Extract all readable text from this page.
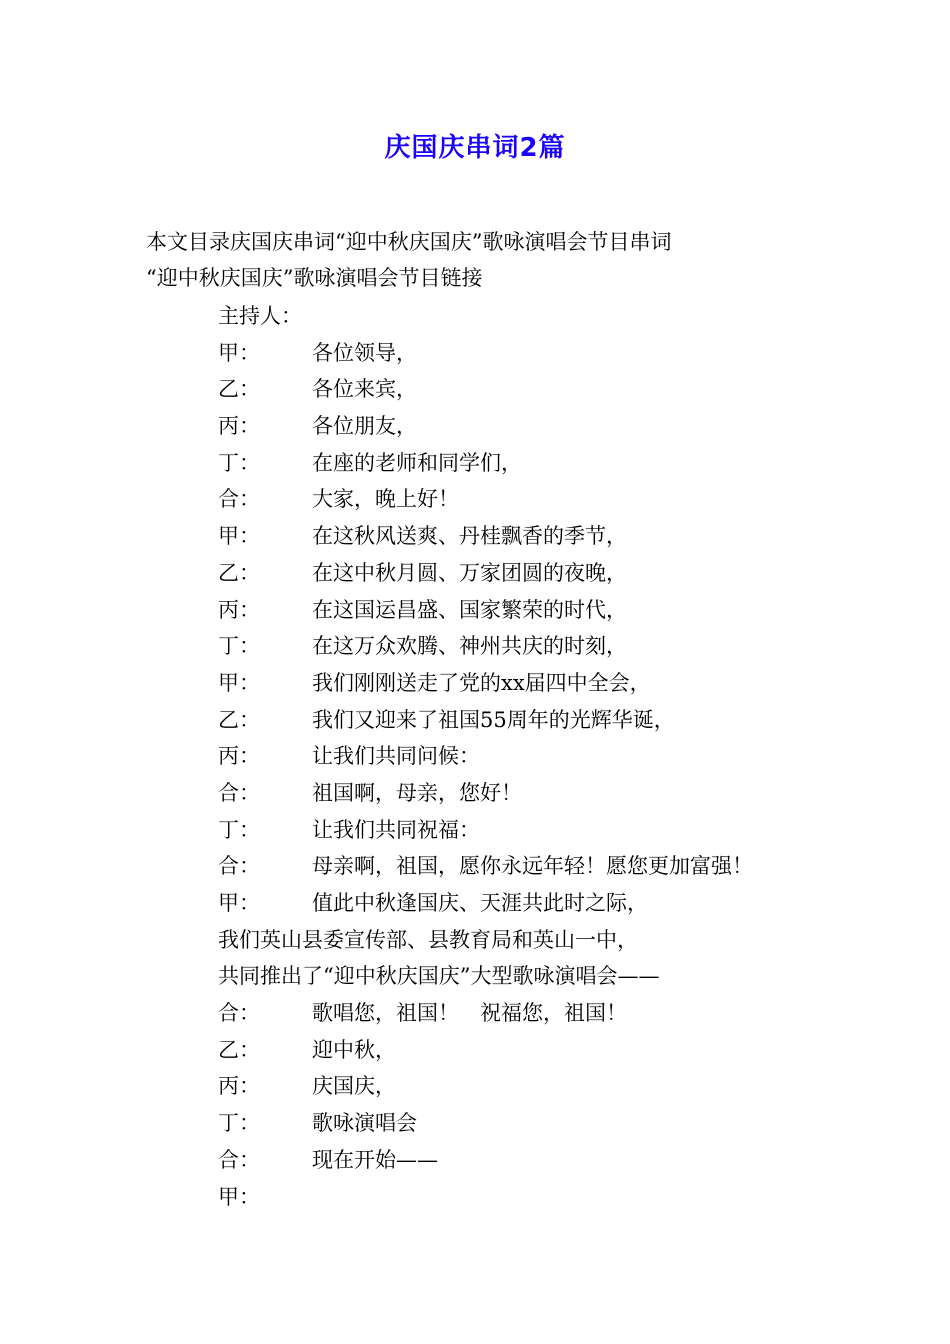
庆国庆串词2篇
本文目录庆国庆串词“迎中秋庆国庆”歌咏演唱会节目串词
“迎中秋庆国庆”歌咏演唱会节目链接
主持人：
甲： 各位领导，
乙： 各位来宾，
丙： 各位朋友，
丁： 在座的老师和同学们，
合： 大家，晚上好！
甲： 在这秋风送爽、丹桂飘香的季节，
乙： 在这中秋月圆、万家团圆的夜晚，
丙： 在这国运昌盛、国家繁荣的时代，
丁： 在这万众欢腾、神州共庆的时刻，
甲： 我们刚刚送走了党的xx届四中全会，
乙： 我们又迎来了祖国55周年的光辉华诞，
丙： 让我们共同问候：
合： 祖国啊，母亲，您好！
丁： 让我们共同祝福：
合： 母亲啊，祖国，愿你永远年轻！愿您更加富强！
甲： 值此中秋逢国庆、天涯共此时之际，
我们英山县委宣传部、县教育局和英山一中，
共同推出了“迎中秋庆国庆”大型歌咏演唱会——
合： 歌唱您，祖国！　祝福您，祖国！
乙： 迎中秋，
丙： 庆国庆，
丁： 歌咏演唱会
合： 现在开始——
甲：
